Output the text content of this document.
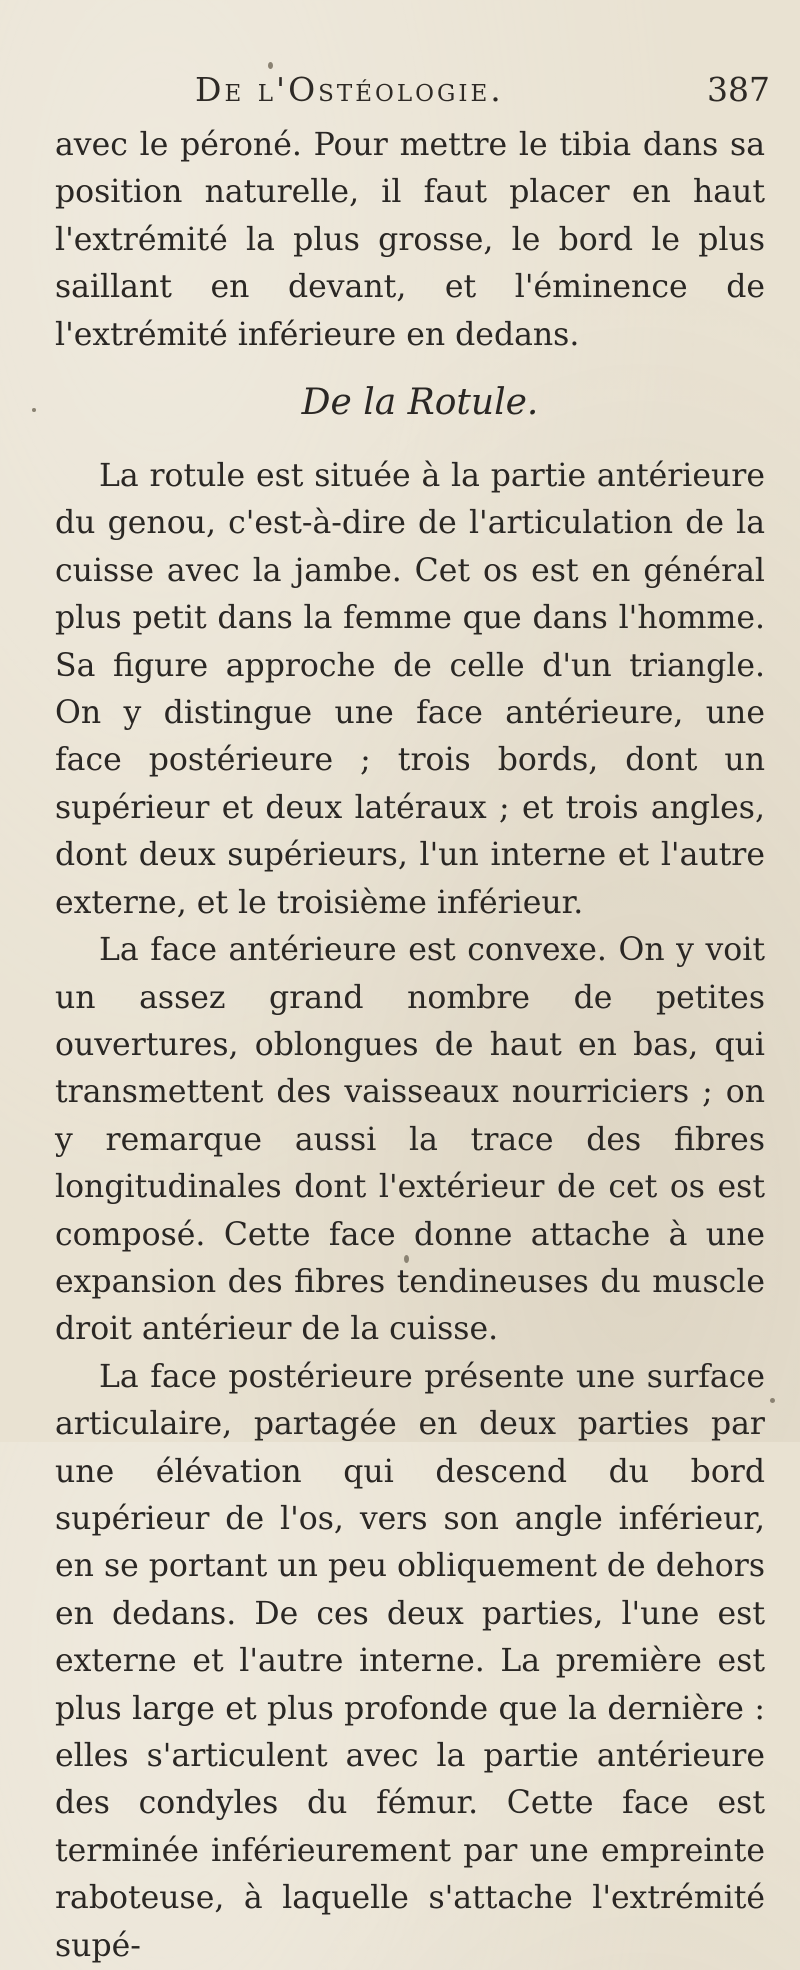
De l'Ostéologie.	387

avec le péroné. Pour mettre le tibia dans sa position naturelle, il faut placer en haut l'extrémité la plus grosse, le bord le plus saillant en devant, et l'éminence de l'extrémité inférieure en dedans.

De la Rotule.

La rotule est située à la partie antérieure du genou, c'est-à-dire de l'articulation de la cuisse avec la jambe. Cet os est en général plus petit dans la femme que dans l'homme. Sa figure approche de celle d'un triangle. On y distingue une face antérieure, une face postérieure ; trois bords, dont un supérieur et deux latéraux ; et trois angles, dont deux supérieurs, l'un interne et l'autre externe, et le troisième inférieur.

La face antérieure est convexe. On y voit un assez grand nombre de petites ouvertures, oblongues de haut en bas, qui transmettent des vaisseaux nourriciers ; on y remarque aussi la trace des fibres longitudinales dont l'extérieur de cet os est composé. Cette face donne attache à une expansion des fibres tendineuses du muscle droit antérieur de la cuisse.

La face postérieure présente une surface articulaire, partagée en deux parties par une élévation qui descend du bord supérieur de l'os, vers son angle inférieur, en se portant un peu obliquement de dehors en dedans. De ces deux parties, l'une est externe et l'autre interne. La première est plus large et plus profonde que la dernière : elles s'articulent avec la partie antérieure des condyles du fémur. Cette face est terminée inférieurement par une empreinte raboteuse, à laquelle s'attache l'extrémité supé-
